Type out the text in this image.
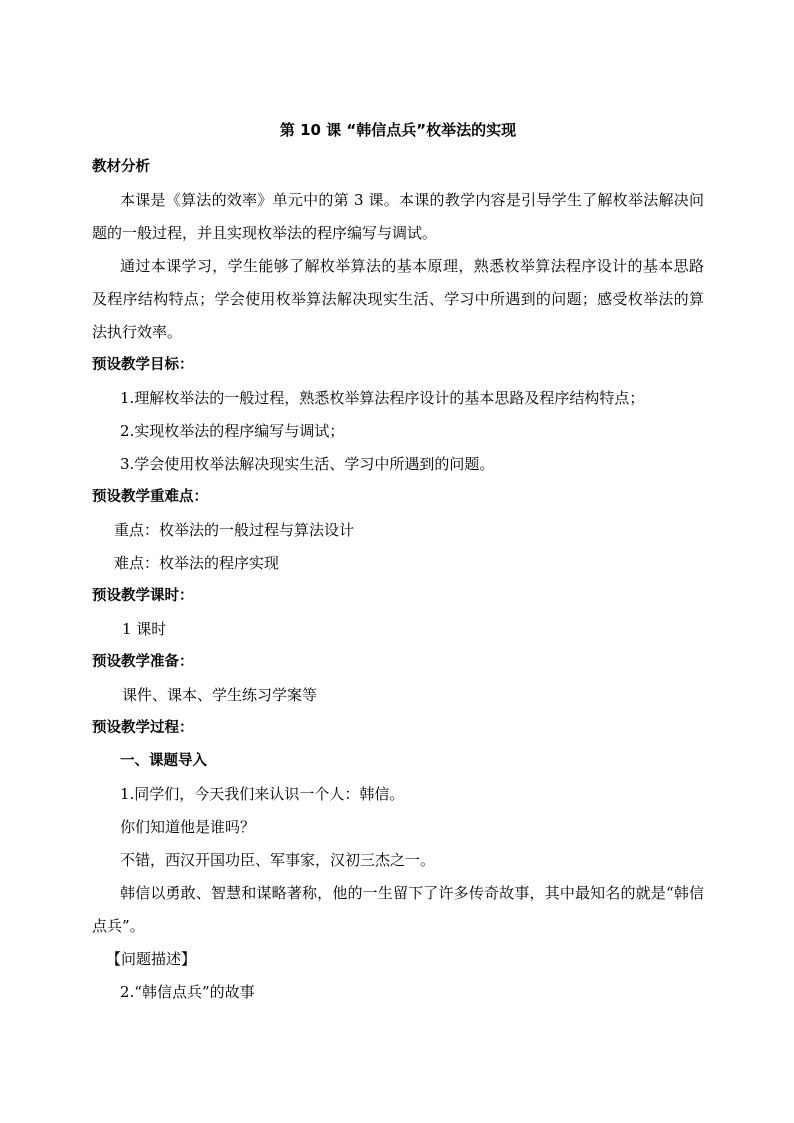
第 10 课 “韩信点兵”枚举法的实现
教材分析
本课是《算法的效率》单元中的第 3 课。本课的教学内容是引导学生了解枚举法解决问题的一般过程，并且实现枚举法的程序编写与调试。
通过本课学习，学生能够了解枚举算法的基本原理，熟悉枚举算法程序设计的基本思路及程序结构特点；学会使用枚举算法解决现实生活、学习中所遇到的问题；感受枚举法的算法执行效率。
预设教学目标：
1.理解枚举法的一般过程，熟悉枚举算法程序设计的基本思路及程序结构特点；
2.实现枚举法的程序编写与调试；
3.学会使用枚举法解决现实生活、学习中所遇到的问题。
预设教学重难点：
重点：枚举法的一般过程与算法设计
难点：枚举法的程序实现
预设教学课时：
1 课时
预设教学准备：
课件、课本、学生练习学案等
预设教学过程：
一、课题导入
1.同学们，今天我们来认识一个人：韩信。
你们知道他是谁吗？
不错，西汉开国功臣、军事家，汉初三杰之一。
韩信以勇敢、智慧和谋略著称，他的一生留下了许多传奇故事，其中最知名的就是“韩信点兵”。
【问题描述】
2.“韩信点兵”的故事
